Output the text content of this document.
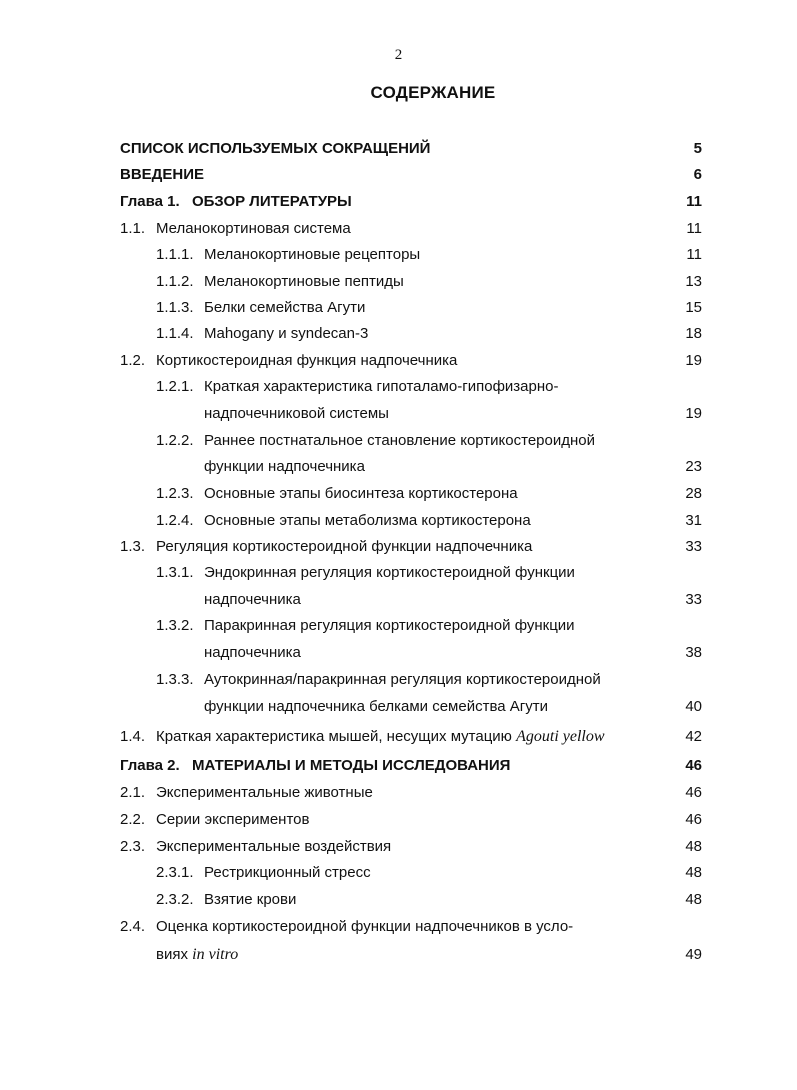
2
СОДЕРЖАНИЕ
СПИСОК ИСПОЛЬЗУЕМЫХ СОКРАЩЕНИЙ	5
ВВЕДЕНИЕ	6
Глава 1. ОБЗОР ЛИТЕРАТУРЫ	11
1.1. Меланокортиновая система	11
1.1.1. Меланокортиновые рецепторы	11
1.1.2. Меланокортиновые пептиды	13
1.1.3. Белки семейства Агути	15
1.1.4. Mahogany и syndecan-3	18
1.2. Кортикостероидная функция надпочечника	19
1.2.1. Краткая характеристика гипоталамо-гипофизарно-
надпочечниковой системы	19
1.2.2. Раннее постнатальное становление кортикостероидной
функции надпочечника	23
1.2.3. Основные этапы биосинтеза кортикостерона	28
1.2.4. Основные этапы метаболизма кортикостерона	31
1.3. Регуляция кортикостероидной функции надпочечника	33
1.3.1. Эндокринная регуляция кортикостероидной функции
надпочечника	33
1.3.2. Паракринная регуляция кортикостероидной функции
надпочечника	38
1.3.3. Аутокринная/паракринная регуляция кортикостероидной
функции надпочечника белками семейства Агути	40
1.4. Краткая характеристика мышей, несущих мутацию Agouti yellow	42
Глава 2. МАТЕРИАЛЫ И МЕТОДЫ ИССЛЕДОВАНИЯ	46
2.1. Экспериментальные животные	46
2.2. Серии экспериментов	46
2.3. Экспериментальные воздействия	48
2.3.1. Рестрикционный стресс	48
2.3.2. Взятие крови	48
2.4. Оценка кортикостероидной функции надпочечников в усло-
виях in vitro	49
